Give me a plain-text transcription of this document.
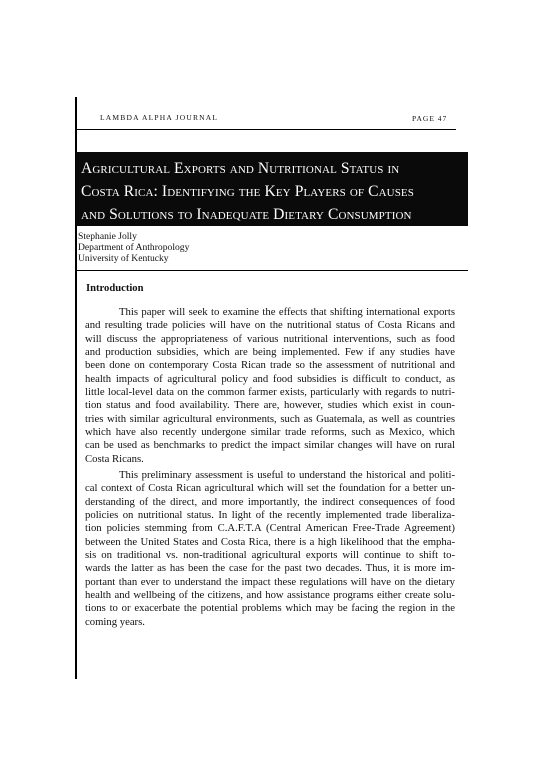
LAMBDA ALPHA JOURNAL	PAGE 47
Agricultural Exports and Nutritional Status in
Costa Rica: Identifying the Key Players of Causes
and Solutions to Inadequate Dietary Consumption
Stephanie Jolly
Department of Anthropology
University of Kentucky
Introduction
This paper will seek to examine the effects that shifting international exports
and resulting trade policies will have on the nutritional status of Costa Ricans and
will discuss the appropriateness of various nutritional interventions, such as food
and production subsidies, which are being implemented. Few if any studies have
been done on contemporary Costa Rican trade so the assessment of nutritional and
health impacts of agricultural policy and food subsidies is difficult to conduct, as
little local-level data on the common farmer exists, particularly with regards to nutri-
tion status and food availability. There are, however, studies which exist in coun-
tries with similar agricultural environments, such as Guatemala, as well as countries
which have also recently undergone similar trade reforms, such as Mexico, which
can be used as benchmarks to predict the impact similar changes will have on rural
Costa Ricans.
This preliminary assessment is useful to understand the historical and politi-
cal context of Costa Rican agricultural which will set the foundation for a better un-
derstanding of the direct, and more importantly, the indirect consequences of food
policies on nutritional status. In light of the recently implemented trade liberaliza-
tion policies stemming from C.A.F.T.A (Central American Free-Trade Agreement)
between the United States and Costa Rica, there is a high likelihood that the empha-
sis on traditional vs. non-traditional agricultural exports will continue to shift to-
wards the latter as has been the case for the past two decades. Thus, it is more im-
portant than ever to understand the impact these regulations will have on the dietary
health and wellbeing of the citizens, and how assistance programs either create solu-
tions to or exacerbate the potential problems which may be facing the region in the
coming years.
